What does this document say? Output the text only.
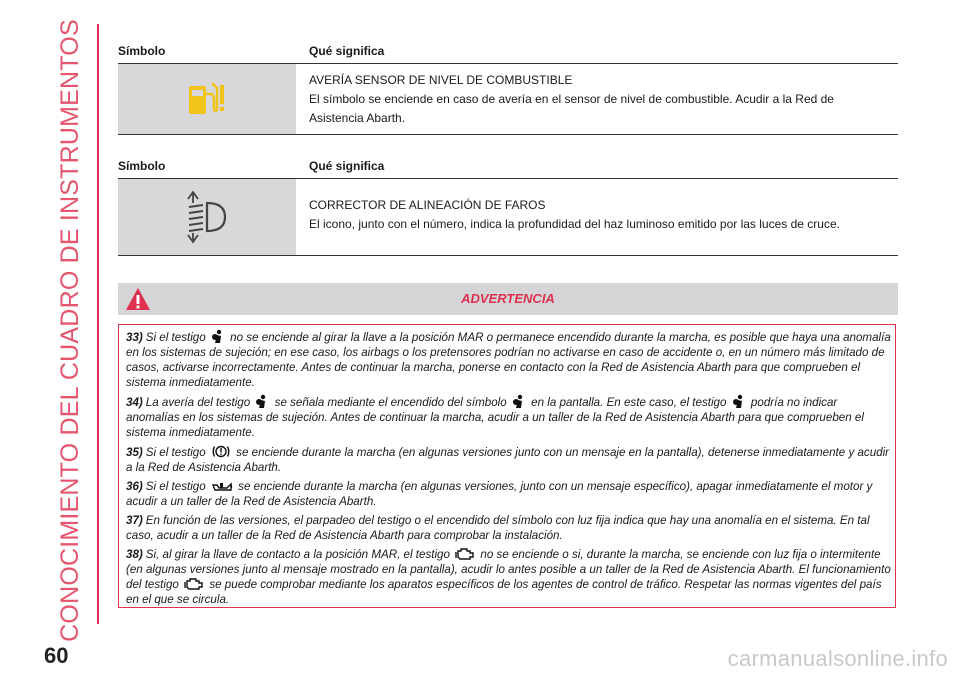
CONOCIMIENTO DEL CUADRO DE INSTRUMENTOS	Símbolo	Qué significa
AVERÍA SENSOR DE NIVEL DE COMBUSTIBLE
El símbolo se enciende en caso de avería en el sensor de nivel de combustible. Acudir a la Red de Asistencia Abarth.
Símbolo	Qué significa
CORRECTOR DE ALINEACIÓN DE FAROS
El icono, junto con el número, indica la profundidad del haz luminoso emitido por las luces de cruce.
ADVERTENCIA

33) Si el testigo no se enciende al girar la llave a la posición MAR o permanece encendido durante la marcha, es posible que haya una anomalía en los sistemas de sujeción; en ese caso, los airbags o los pretensores podrían no activarse en caso de accidente o, en un número más limitado de casos, activarse incorrectamente. Antes de continuar la marcha, ponerse en contacto con la Red de Asistencia Abarth para que comprueben el sistema inmediatamente.

34) La avería del testigo se señala mediante el encendido del símbolo en la pantalla. En este caso, el testigo podría no indicar anomalías en los sistemas de sujeción. Antes de continuar la marcha, acudir a un taller de la Red de Asistencia Abarth para que comprueben el sistema inmediatamente.

35) Si el testigo	se enciende durante la marcha (en algunas versiones junto con un mensaje en la pantalla), detenerse inmediatamente y acudir a la Red de Asistencia Abarth.

36) Si el testigo	se enciende durante la marcha (en algunas versiones, junto con un mensaje específico), apagar inmediatamente el motor y acudir a un taller de la Red de Asistencia Abarth.

37) En función de las versiones, el parpadeo del testigo o el encendido del símbolo con luz fija indica que hay una anomalía en el sistema. En tal caso, acudir a un taller de la Red de Asistencia Abarth para comprobar la instalación.

38) Si, al girar la llave de contacto a la posición MAR, el testigo	no se enciende o si, durante la marcha, se enciende con luz fija o intermitente (en algunas versiones junto al mensaje mostrado en la pantalla), acudir lo antes posible a un taller de la Red de Asistencia Abarth. El funcionamiento del testigo	se puede comprobar mediante los aparatos específicos de los agentes de control de tráfico. Respetar las normas vigentes del país en el que se circula.

60	carmanualsonline.info
